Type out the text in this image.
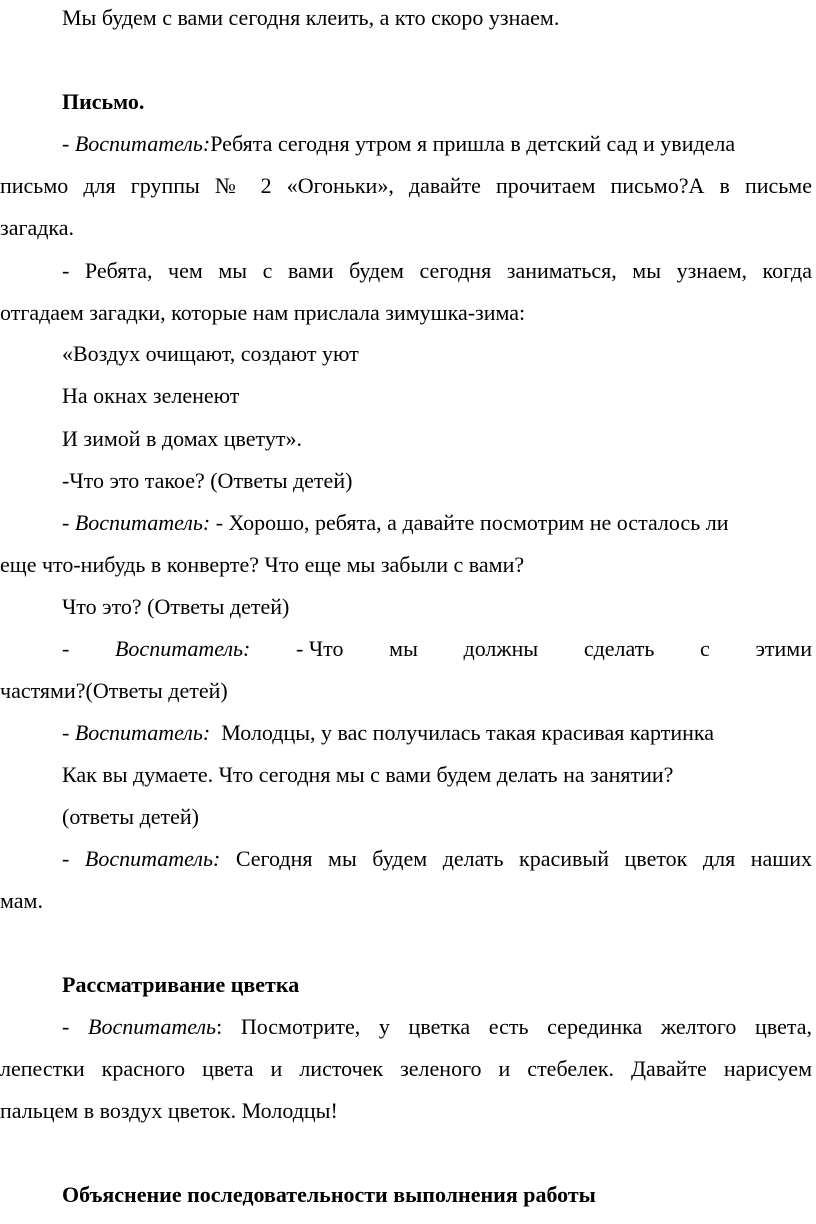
Мы будем с вами сегодня клеить, а кто скоро узнаем.
Письмо.
- Воспитатель:Ребята сегодня утром я пришла в детский сад и увидела
письмо для группы № 2 «Огоньки», давайте прочитаем письмо?А в письме
загадка.
- Ребята, чем мы с вами будем сегодня заниматься, мы узнаем, когда
отгадаем загадки, которые нам прислала зимушка-зима:
«Воздух очищают, создают уют
На окнах зеленеют
И зимой в домах цветут».
-Что это такое? (Ответы детей)
- Воспитатель: - Хорошо, ребята, а давайте посмотрим не осталось ли
еще что-нибудь в конверте? Что еще мы забыли с вами?
Что это? (Ответы детей)
- Воспитатель: - Что мы должны сделать с этими
частями?(Ответы детей)
- Воспитатель:  Молодцы, у вас получилась такая красивая картинка
Как вы думаете. Что сегодня мы с вами будем делать на занятии?
(ответы детей)
- Воспитатель: Сегодня мы будем делать красивый цветок для наших
мам.
Рассматривание цветка
- Воспитатель: Посмотрите, у цветка есть серединка желтого цвета,
лепестки красного цвета и листочек зеленого и стебелек. Давайте нарисуем
пальцем в воздух цветок. Молодцы!
Объяснение последовательности выполнения работы
